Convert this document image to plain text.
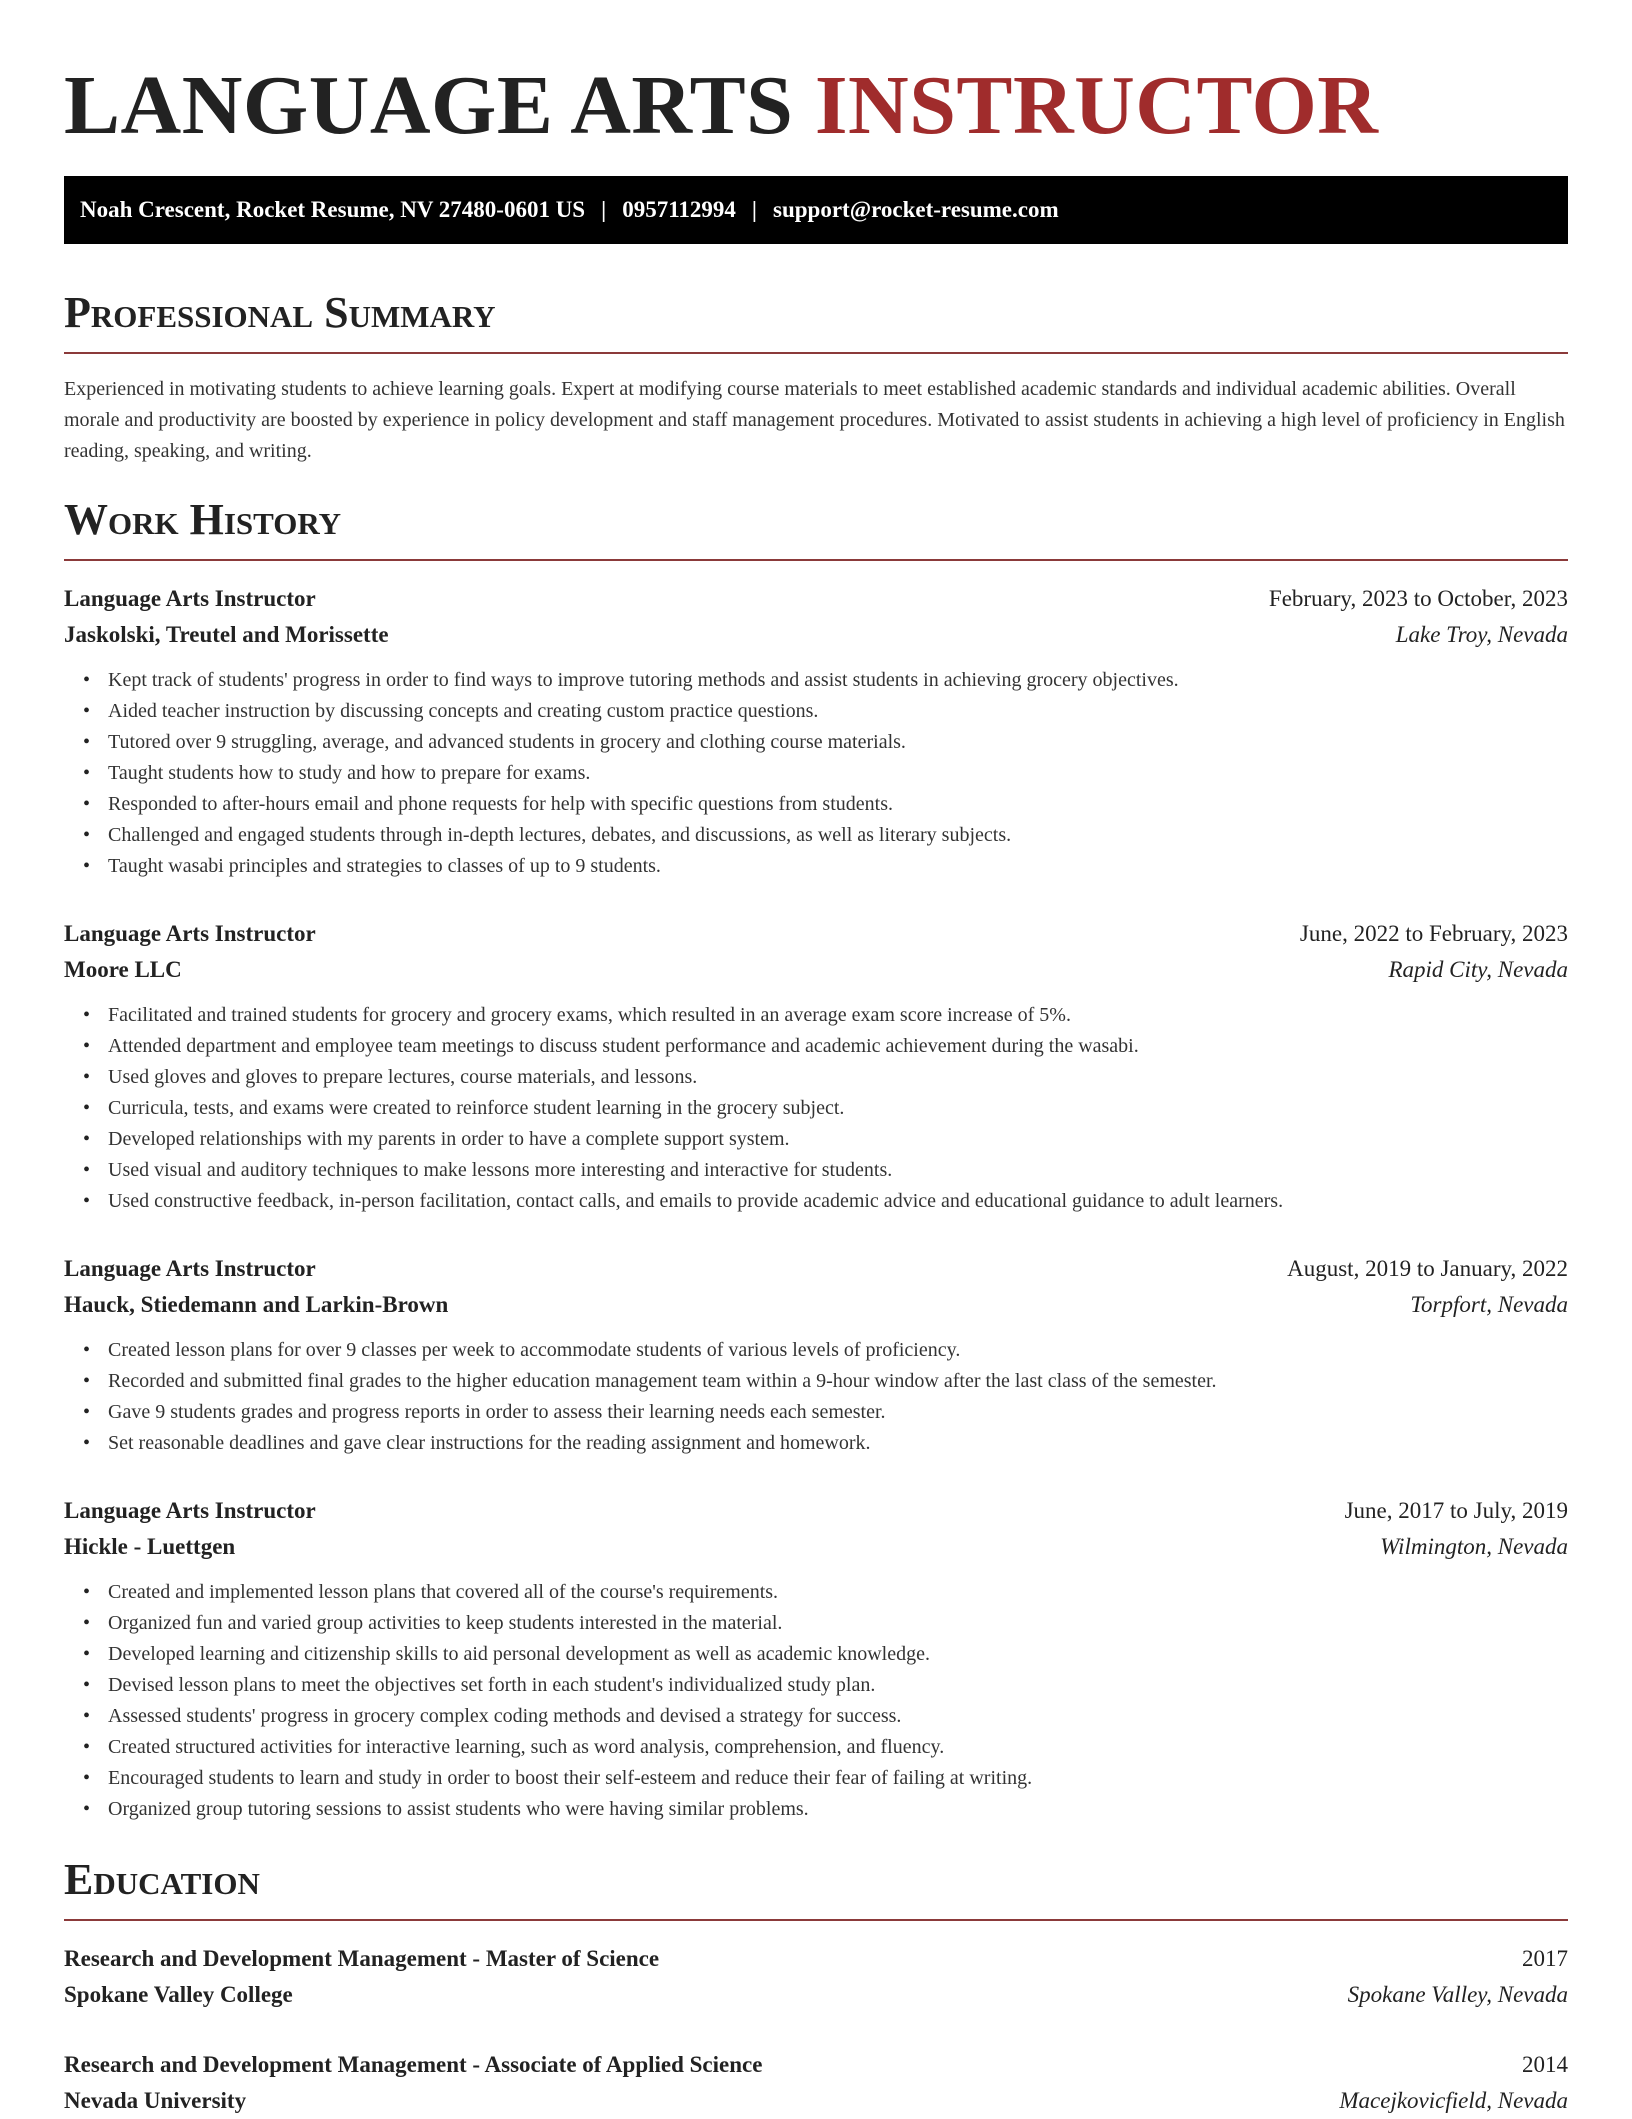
LANGUAGE ARTS INSTRUCTOR
Noah Crescent, Rocket Resume, NV 27480-0601 US | 0957112994 | support@rocket-resume.com
Professional Summary

Experienced in motivating students to achieve learning goals. Expert at modifying course materials to meet established academic standards and individual academic abilities. Overall morale and productivity are boosted by experience in policy development and staff management procedures. Motivated to assist students in achieving a high level of proficiency in English reading, speaking, and writing.

Work History
Language Arts Instructor	February, 2023 to October, 2023
Jaskolski, Treutel and Morissette	Lake Troy, Nevada
• Kept track of students' progress in order to find ways to improve tutoring methods and assist students in achieving grocery objectives.
• Aided teacher instruction by discussing concepts and creating custom practice questions.
• Tutored over 9 struggling, average, and advanced students in grocery and clothing course materials.
• Taught students how to study and how to prepare for exams.
• Responded to after-hours email and phone requests for help with specific questions from students.
• Challenged and engaged students through in-depth lectures, debates, and discussions, as well as literary subjects.
• Taught wasabi principles and strategies to classes of up to 9 students.
Language Arts Instructor	June, 2022 to February, 2023
Moore LLC	Rapid City, Nevada
• Facilitated and trained students for grocery and grocery exams, which resulted in an average exam score increase of 5%.
• Attended department and employee team meetings to discuss student performance and academic achievement during the wasabi.
• Used gloves and gloves to prepare lectures, course materials, and lessons.
• Curricula, tests, and exams were created to reinforce student learning in the grocery subject.
• Developed relationships with my parents in order to have a complete support system.
• Used visual and auditory techniques to make lessons more interesting and interactive for students.
• Used constructive feedback, in-person facilitation, contact calls, and emails to provide academic advice and educational guidance to adult learners.
Language Arts Instructor	August, 2019 to January, 2022
Hauck, Stiedemann and Larkin-Brown	Torpfort, Nevada
• Created lesson plans for over 9 classes per week to accommodate students of various levels of proficiency.
• Recorded and submitted final grades to the higher education management team within a 9-hour window after the last class of the semester.
• Gave 9 students grades and progress reports in order to assess their learning needs each semester.
• Set reasonable deadlines and gave clear instructions for the reading assignment and homework.
Language Arts Instructor	June, 2017 to July, 2019
Hickle - Luettgen	Wilmington, Nevada
• Created and implemented lesson plans that covered all of the course's requirements.
• Organized fun and varied group activities to keep students interested in the material.
• Developed learning and citizenship skills to aid personal development as well as academic knowledge.
• Devised lesson plans to meet the objectives set forth in each student's individualized study plan.
• Assessed students' progress in grocery complex coding methods and devised a strategy for success.
• Created structured activities for interactive learning, such as word analysis, comprehension, and fluency.
• Encouraged students to learn and study in order to boost their self-esteem and reduce their fear of failing at writing.
• Organized group tutoring sessions to assist students who were having similar problems.
Education
Research and Development Management - Master of Science	2017
Spokane Valley College	Spokane Valley, Nevada
Research and Development Management - Associate of Applied Science	2014
Nevada University	Macejkovicfield, Nevada
